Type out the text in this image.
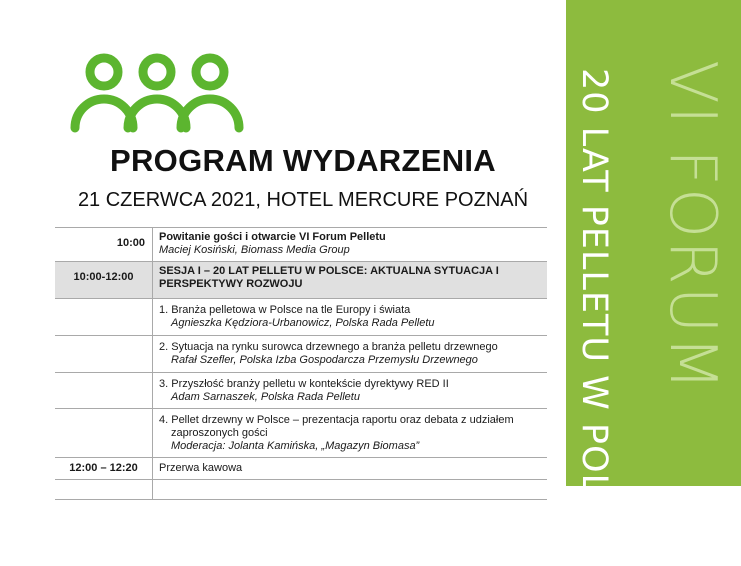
PROGRAM WYDARZENIA
21 CZERWCA 2021, HOTEL MERCURE POZNAŃ	VI FORUM
20 LAT PELLETU W POLSCE
10:00	Powitanie gości i otwarcie VI Forum Pelletu
Maciej Kosiński, Biomass Media Group

10:00-12:00	SESJA I – 20 LAT PELLETU W POLSCE: AKTUALNA SYTUACJA I PERSPEKTYWY ROZWOJU

	1. Branża pelletowa w Polsce na tle Europy i świata
Agnieszka Kędziora-Urbanowicz, Polska Rada Pelletu

	2. Sytuacja na rynku surowca drzewnego a branża pelletu drzewnego
Rafał Szefler, Polska Izba Gospodarcza Przemysłu Drzewnego

	3. Przyszłość branży pelletu w kontekście dyrektywy RED II
Adam Sarnaszek, Polska Rada Pelletu

	4. Pellet drzewny w Polsce – prezentacja raportu oraz debata z udziałem
zaproszonych gości
Moderacja: Jolanta Kamińska, „Magazyn Biomasa”

12:00 – 12:20	Przerwa kawowa
